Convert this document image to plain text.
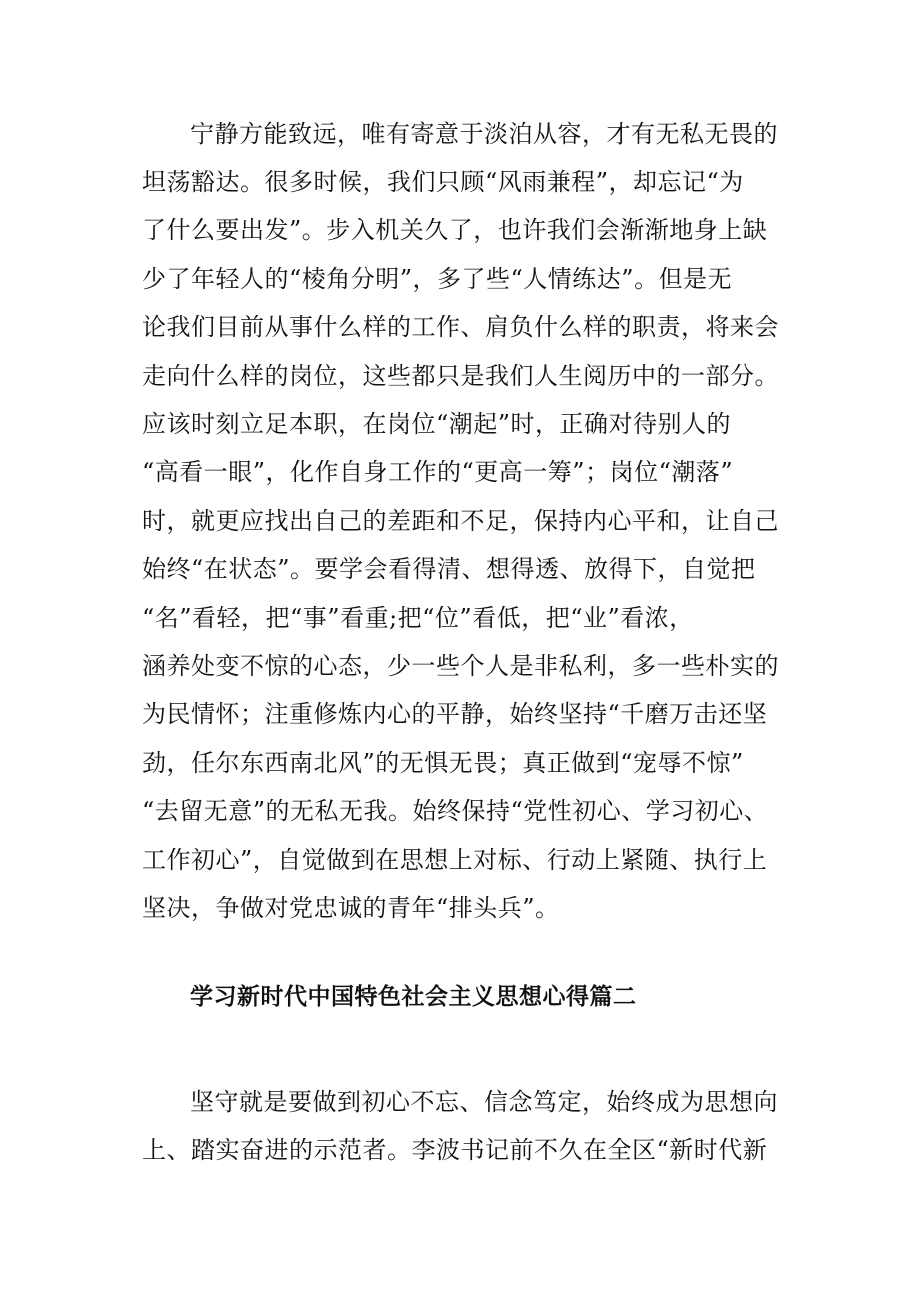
宁静方能致远，唯有寄意于淡泊从容，才有无私无畏的
坦荡豁达。很多时候，我们只顾“风雨兼程”，却忘记“为
了什么要出发”。步入机关久了，也许我们会渐渐地身上缺
少了年轻人的“棱角分明”，多了些“人情练达”。但是无
论我们目前从事什么样的工作、肩负什么样的职责，将来会
走向什么样的岗位，这些都只是我们人生阅历中的一部分。
应该时刻立足本职，在岗位“潮起”时，正确对待别人的
“高看一眼”，化作自身工作的“更高一筹”；岗位“潮落”
时，就更应找出自己的差距和不足，保持内心平和，让自己
始终“在状态”。要学会看得清、想得透、放得下，自觉把
“名”看轻，把“事”看重;把“位”看低，把“业”看浓，
涵养处变不惊的心态，少一些个人是非私利，多一些朴实的
为民情怀；注重修炼内心的平静，始终坚持“千磨万击还坚
劲，任尔东西南北风”的无惧无畏；真正做到“宠辱不惊”
“去留无意”的无私无我。始终保持“党性初心、学习初心、
工作初心”，自觉做到在思想上对标、行动上紧随、执行上
坚决，争做对党忠诚的青年“排头兵”。
学习新时代中国特色社会主义思想心得篇二
坚守就是要做到初心不忘、信念笃定，始终成为思想向
上、踏实奋进的示范者。李波书记前不久在全区“新时代新
